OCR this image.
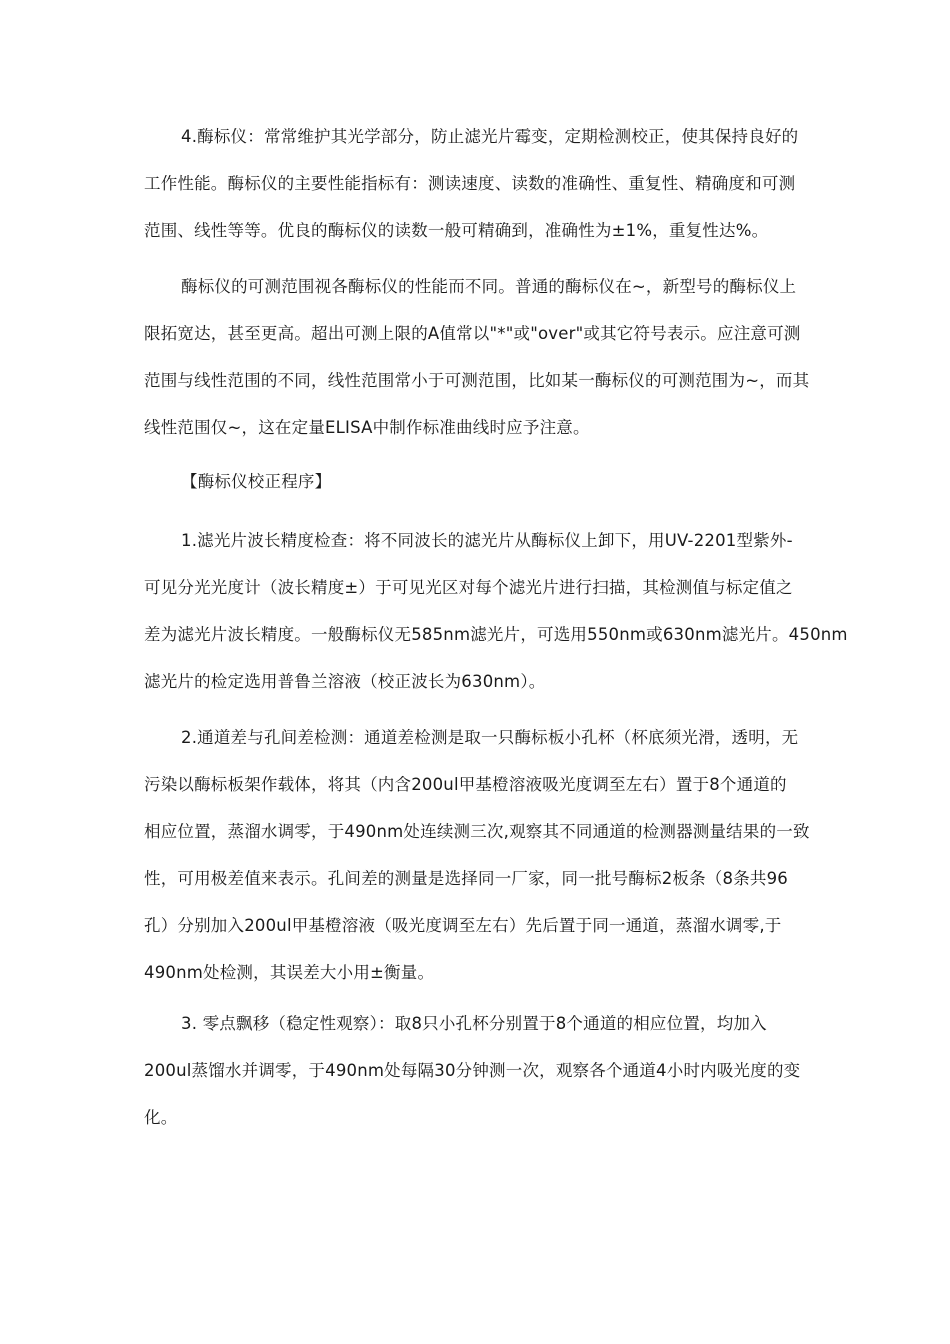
4.酶标仪：常常维护其光学部分，防止滤光片霉变，定期检测校正，使其保持良好的
工作性能。酶标仪的主要性能指标有：测读速度、读数的准确性、重复性、精确度和可测
范围、线性等等。优良的酶标仪的读数一般可精确到，准确性为±1%，重复性达%。
酶标仪的可测范围视各酶标仪的性能而不同。普通的酶标仪在~，新型号的酶标仪上
限拓宽达，甚至更高。超出可测上限的A值常以"*"或"over"或其它符号表示。应注意可测
范围与线性范围的不同，线性范围常小于可测范围，比如某一酶标仪的可测范围为~，而其
线性范围仅~，这在定量ELISA中制作标准曲线时应予注意。
【酶标仪校正程序】
1.滤光片波长精度检查：将不同波长的滤光片从酶标仪上卸下，用UV-2201型紫外-
可见分光光度计（波长精度±）于可见光区对每个滤光片进行扫描，其检测值与标定值之
差为滤光片波长精度。一般酶标仪无585nm滤光片，可选用550nm或630nm滤光片。450nm
滤光片的检定选用普鲁兰溶液（校正波长为630nm）。
2.通道差与孔间差检测：通道差检测是取一只酶标板小孔杯（杯底须光滑，透明，无
污染以酶标板架作载体，将其（内含200ul甲基橙溶液吸光度调至左右）置于8个通道的
相应位置，蒸溜水调零，于490nm处连续测三次,观察其不同通道的检测器测量结果的一致
性，可用极差值来表示。孔间差的测量是选择同一厂家，同一批号酶标2板条（8条共96
孔）分别加入200ul甲基橙溶液（吸光度调至左右）先后置于同一通道，蒸溜水调零,于
490nm处检测，其误差大小用±衡量。
3. 零点飘移（稳定性观察）：取8只小孔杯分别置于8个通道的相应位置，均加入
200ul蒸馏水并调零，于490nm处每隔30分钟测一次，观察各个通道4小时内吸光度的变
化。
